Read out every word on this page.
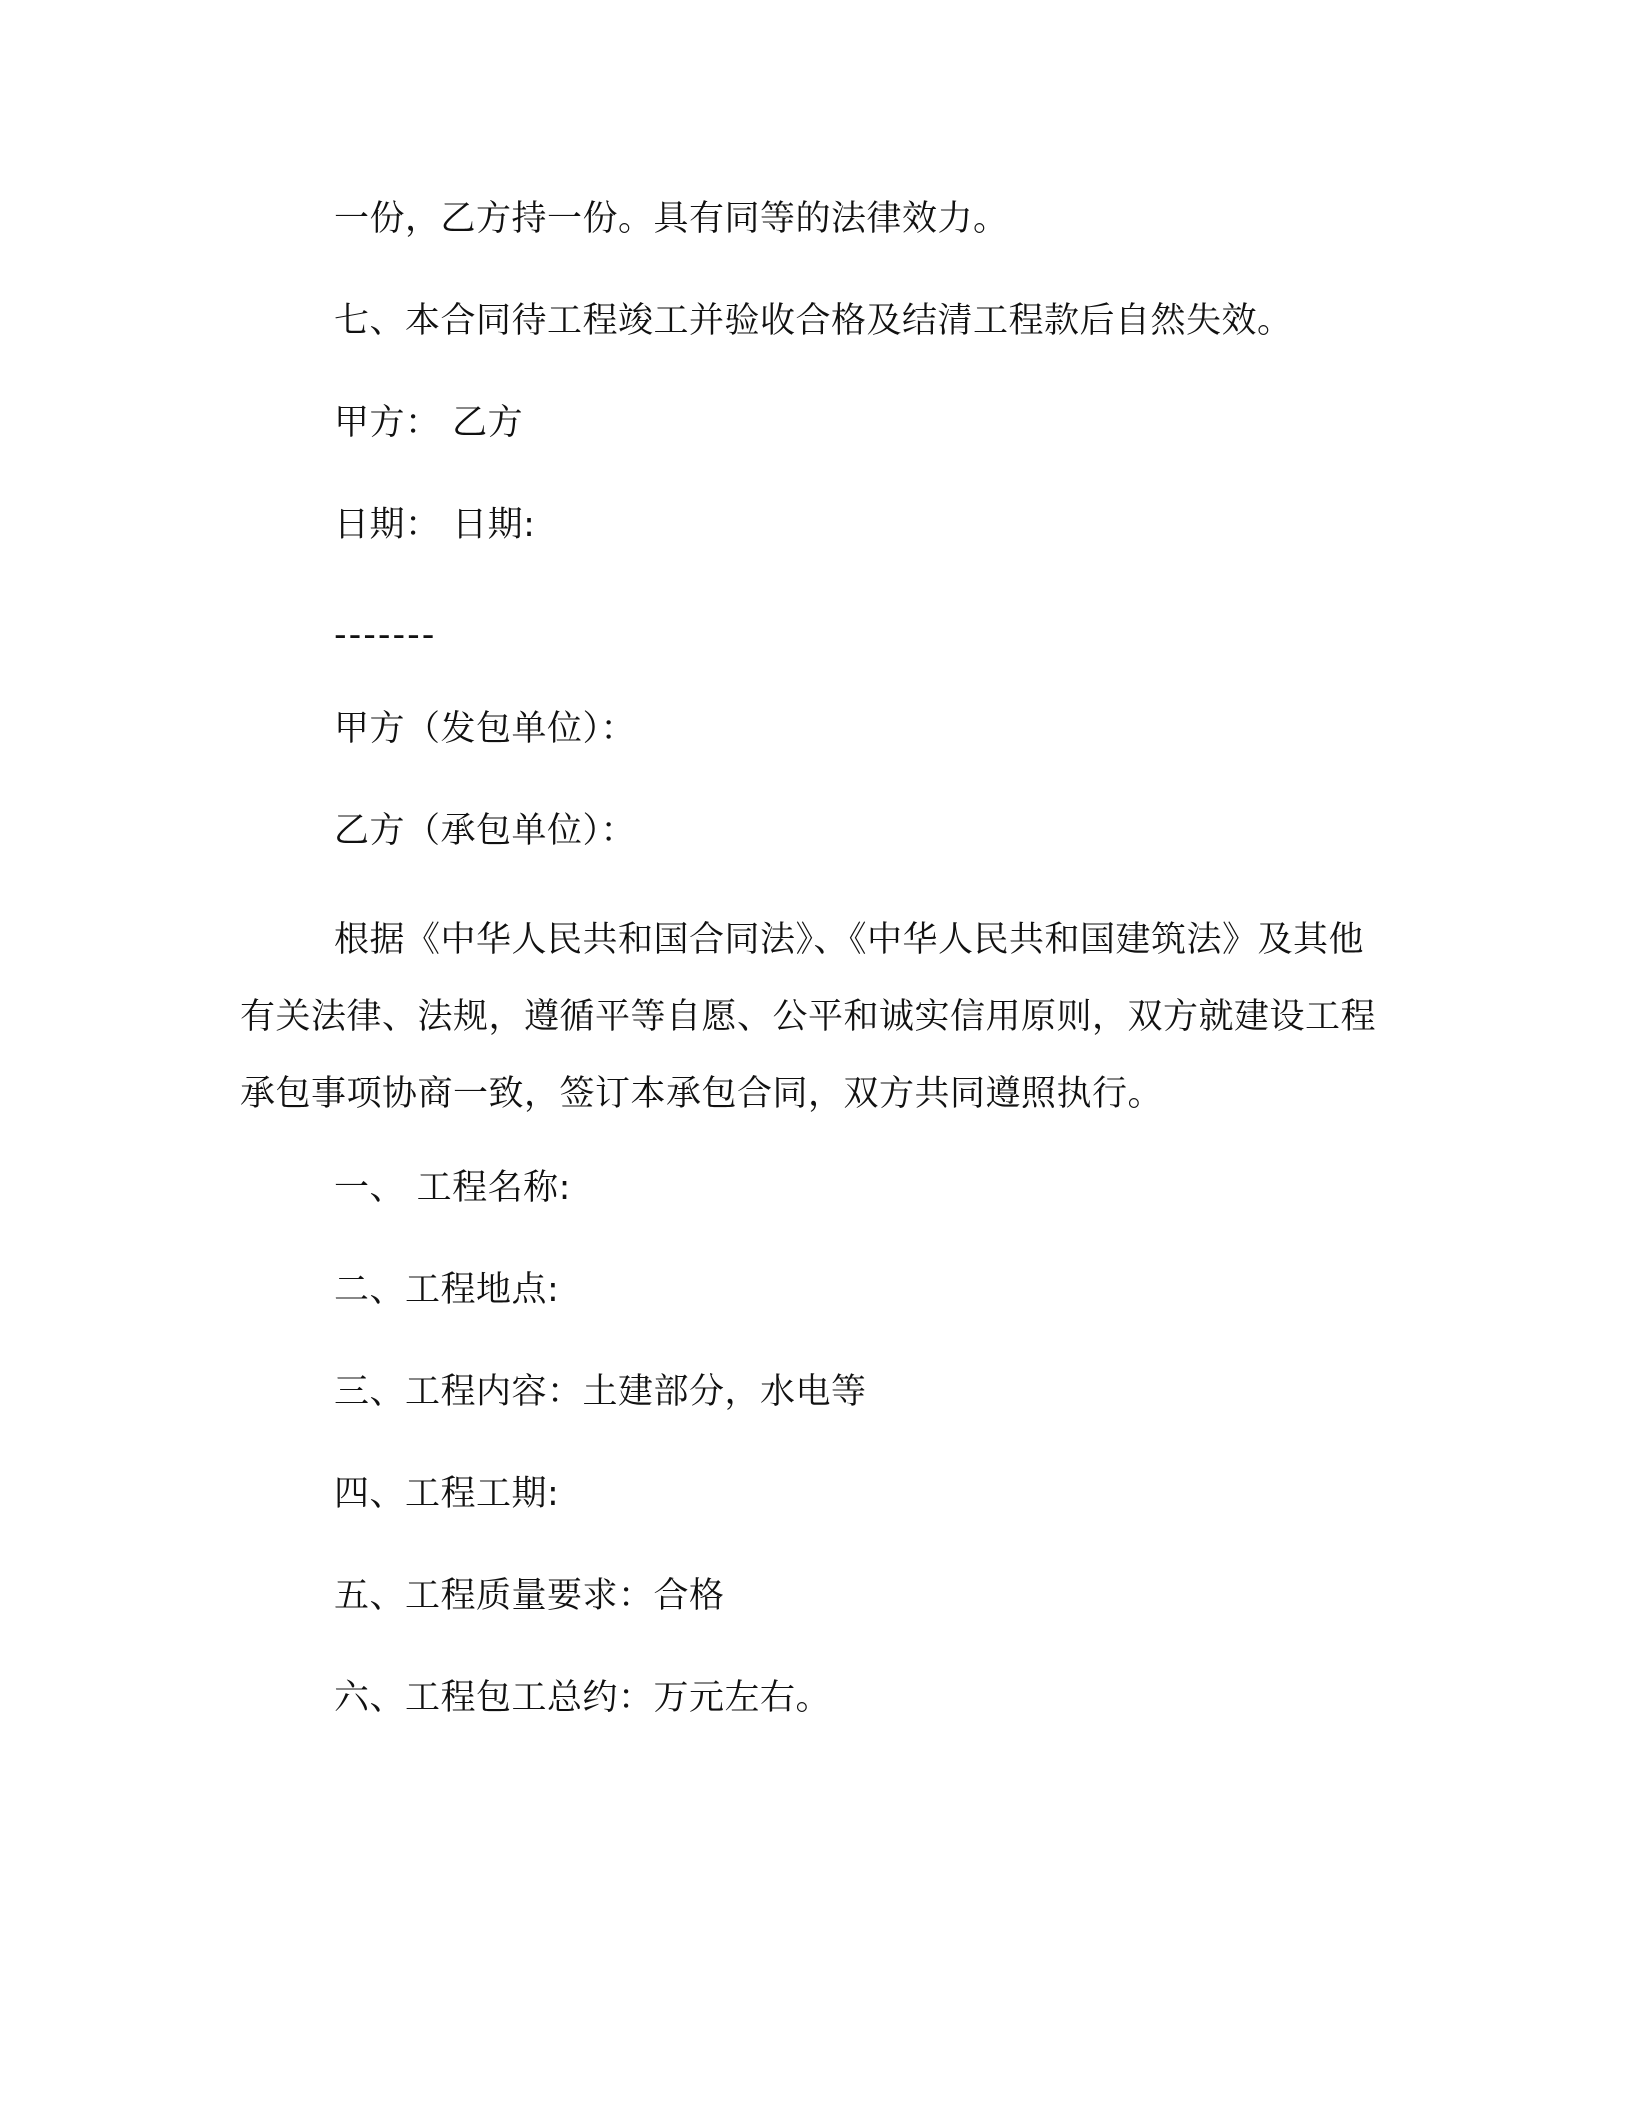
一份，乙方持一份。具有同等的法律效力。
七、本合同待工程竣工并验收合格及结清工程款后自然失效。
甲方： 乙方
日期： 日期:
-------
甲方（发包单位）：
乙方（承包单位）：
根据《中华人民共和国合同法》、《中华人民共和国建筑法》及其他有关法律、法规，遵循平等自愿、公平和诚实信用原则，双方就建设工程承包事项协商一致，签订本承包合同，双方共同遵照执行。
一、 工程名称:
二、工程地点:
三、工程内容：土建部分，水电等
四、工程工期:
五、工程质量要求：合格
六、工程包工总约：万元左右。
